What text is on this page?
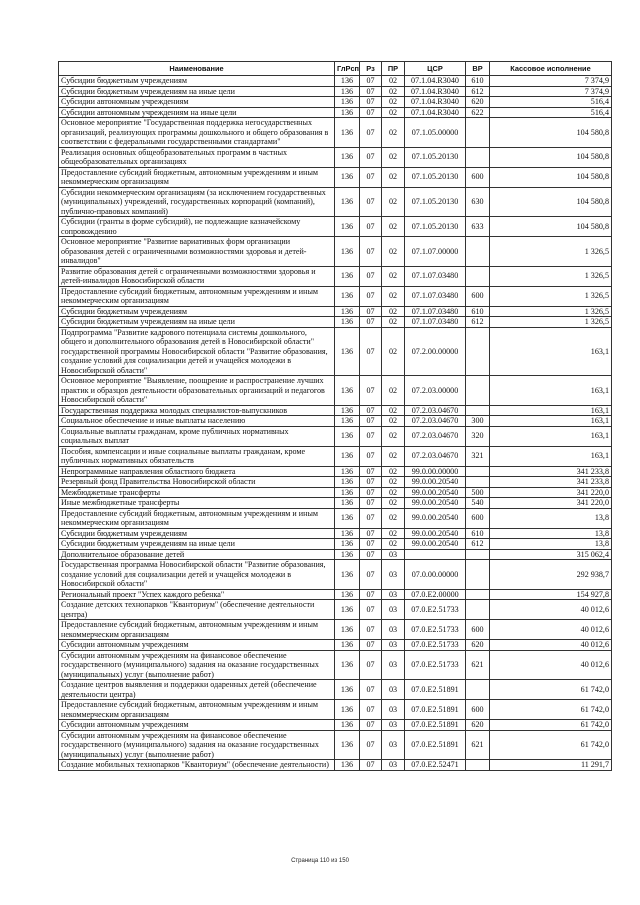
Наименование	ГлРсп	Рз	ПР	ЦСР	ВР	Кассовое исполнение
Субсидии бюджетным учреждениям	136	07	02	07.1.04.R3040	610	7 374,9
Субсидии бюджетным учреждениям на иные цели	136	07	02	07.1.04.R3040	612	7 374,9
Субсидии автономным учреждениям	136	07	02	07.1.04.R3040	620	516,4
Субсидии автономным учреждениям на иные цели	136	07	02	07.1.04.R3040	622	516,4
Основное мероприятие "Государственная поддержка негосударственных организаций, реализующих программы дошкольного и общего образования в соответствии с федеральными государственными стандартами"	136	07	02	07.1.05.00000		104 580,8
Реализация основных общеобразовательных программ в частных общеобразовательных организациях	136	07	02	07.1.05.20130		104 580,8
Предоставление субсидий бюджетным, автономным учреждениям и иным некоммерческим организациям	136	07	02	07.1.05.20130	600	104 580,8
Субсидии некоммерческим организациям (за исключением государственных (муниципальных) учреждений, государственных корпораций (компаний), публично-правовых компаний)	136	07	02	07.1.05.20130	630	104 580,8
Субсидии (гранты в форме субсидий), не подлежащие казначейскому сопровождению	136	07	02	07.1.05.20130	633	104 580,8
Основное мероприятие "Развитие вариативных форм организации образования детей с ограниченными возможностями здоровья и детей-инвалидов"	136	07	02	07.1.07.00000		1 326,5
Развитие образования детей с ограниченными возможностями здоровья и детей-инвалидов Новосибирской области	136	07	02	07.1.07.03480		1 326,5
Предоставление субсидий бюджетным, автономным учреждениям и иным некоммерческим организациям	136	07	02	07.1.07.03480	600	1 326,5
Субсидии бюджетным учреждениям	136	07	02	07.1.07.03480	610	1 326,5
Субсидии бюджетным учреждениям на иные цели	136	07	02	07.1.07.03480	612	1 326,5
Подпрограмма "Развитие кадрового потенциала системы дошкольного, общего и дополнительного образования детей в Новосибирской области" государственной программы Новосибирской области "Развитие образования, создание условий для социализации детей и учащейся молодежи в Новосибирской области"	136	07	02	07.2.00.00000		163,1
Основное мероприятие "Выявление, поощрение и распространение лучших практик и образцов деятельности образовательных организаций и педагогов Новосибирской области"	136	07	02	07.2.03.00000		163,1
Государственная поддержка молодых специалистов-выпускников	136	07	02	07.2.03.04670		163,1
Социальное обеспечение и иные выплаты населению	136	07	02	07.2.03.04670	300	163,1
Социальные выплаты гражданам, кроме публичных нормативных социальных выплат	136	07	02	07.2.03.04670	320	163,1
Пособия, компенсации и иные социальные выплаты гражданам, кроме публичных нормативных обязательств	136	07	02	07.2.03.04670	321	163,1
Непрограммные направления областного бюджета	136	07	02	99.0.00.00000		341 233,8
Резервный фонд Правительства Новосибирской области	136	07	02	99.0.00.20540		341 233,8
Межбюджетные трансферты	136	07	02	99.0.00.20540	500	341 220,0
Иные межбюджетные трансферты	136	07	02	99.0.00.20540	540	341 220,0
Предоставление субсидий бюджетным, автономным учреждениям и иным некоммерческим организациям	136	07	02	99.0.00.20540	600	13,8
Субсидии бюджетным учреждениям	136	07	02	99.0.00.20540	610	13,8
Субсидии бюджетным учреждениям на иные цели	136	07	02	99.0.00.20540	612	13,8
Дополнительное образование детей	136	07	03			315 062,4
Государственная программа Новосибирской области "Развитие образования, создание условий для социализации детей и учащейся молодежи в Новосибирской области"	136	07	03	07.0.00.00000		292 938,7
Региональный проект "Успех каждого ребенка"	136	07	03	07.0.E2.00000		154 927,8
Создание детских технопарков "Кванториум" (обеспечение деятельности центра)	136	07	03	07.0.E2.51733		40 012,6
Предоставление субсидий бюджетным, автономным учреждениям и иным некоммерческим организациям	136	07	03	07.0.E2.51733	600	40 012,6
Субсидии автономным учреждениям	136	07	03	07.0.E2.51733	620	40 012,6
Субсидии автономным учреждениям на финансовое обеспечение государственного (муниципального) задания на оказание государственных (муниципальных) услуг (выполнение работ)	136	07	03	07.0.E2.51733	621	40 012,6
Создание центров выявления и поддержки одаренных детей (обеспечение деятельности центра)	136	07	03	07.0.E2.51891		61 742,0
Предоставление субсидий бюджетным, автономным учреждениям и иным некоммерческим организациям	136	07	03	07.0.E2.51891	600	61 742,0
Субсидии автономным учреждениям	136	07	03	07.0.E2.51891	620	61 742,0
Субсидии автономным учреждениям на финансовое обеспечение государственного (муниципального) задания на оказание государственных (муниципальных) услуг (выполнение работ)	136	07	03	07.0.E2.51891	621	61 742,0
Создание мобильных технопарков "Кванториум" (обеспечение деятельности)	136	07	03	07.0.E2.52471		11 291,7
Страница 110 из 150
